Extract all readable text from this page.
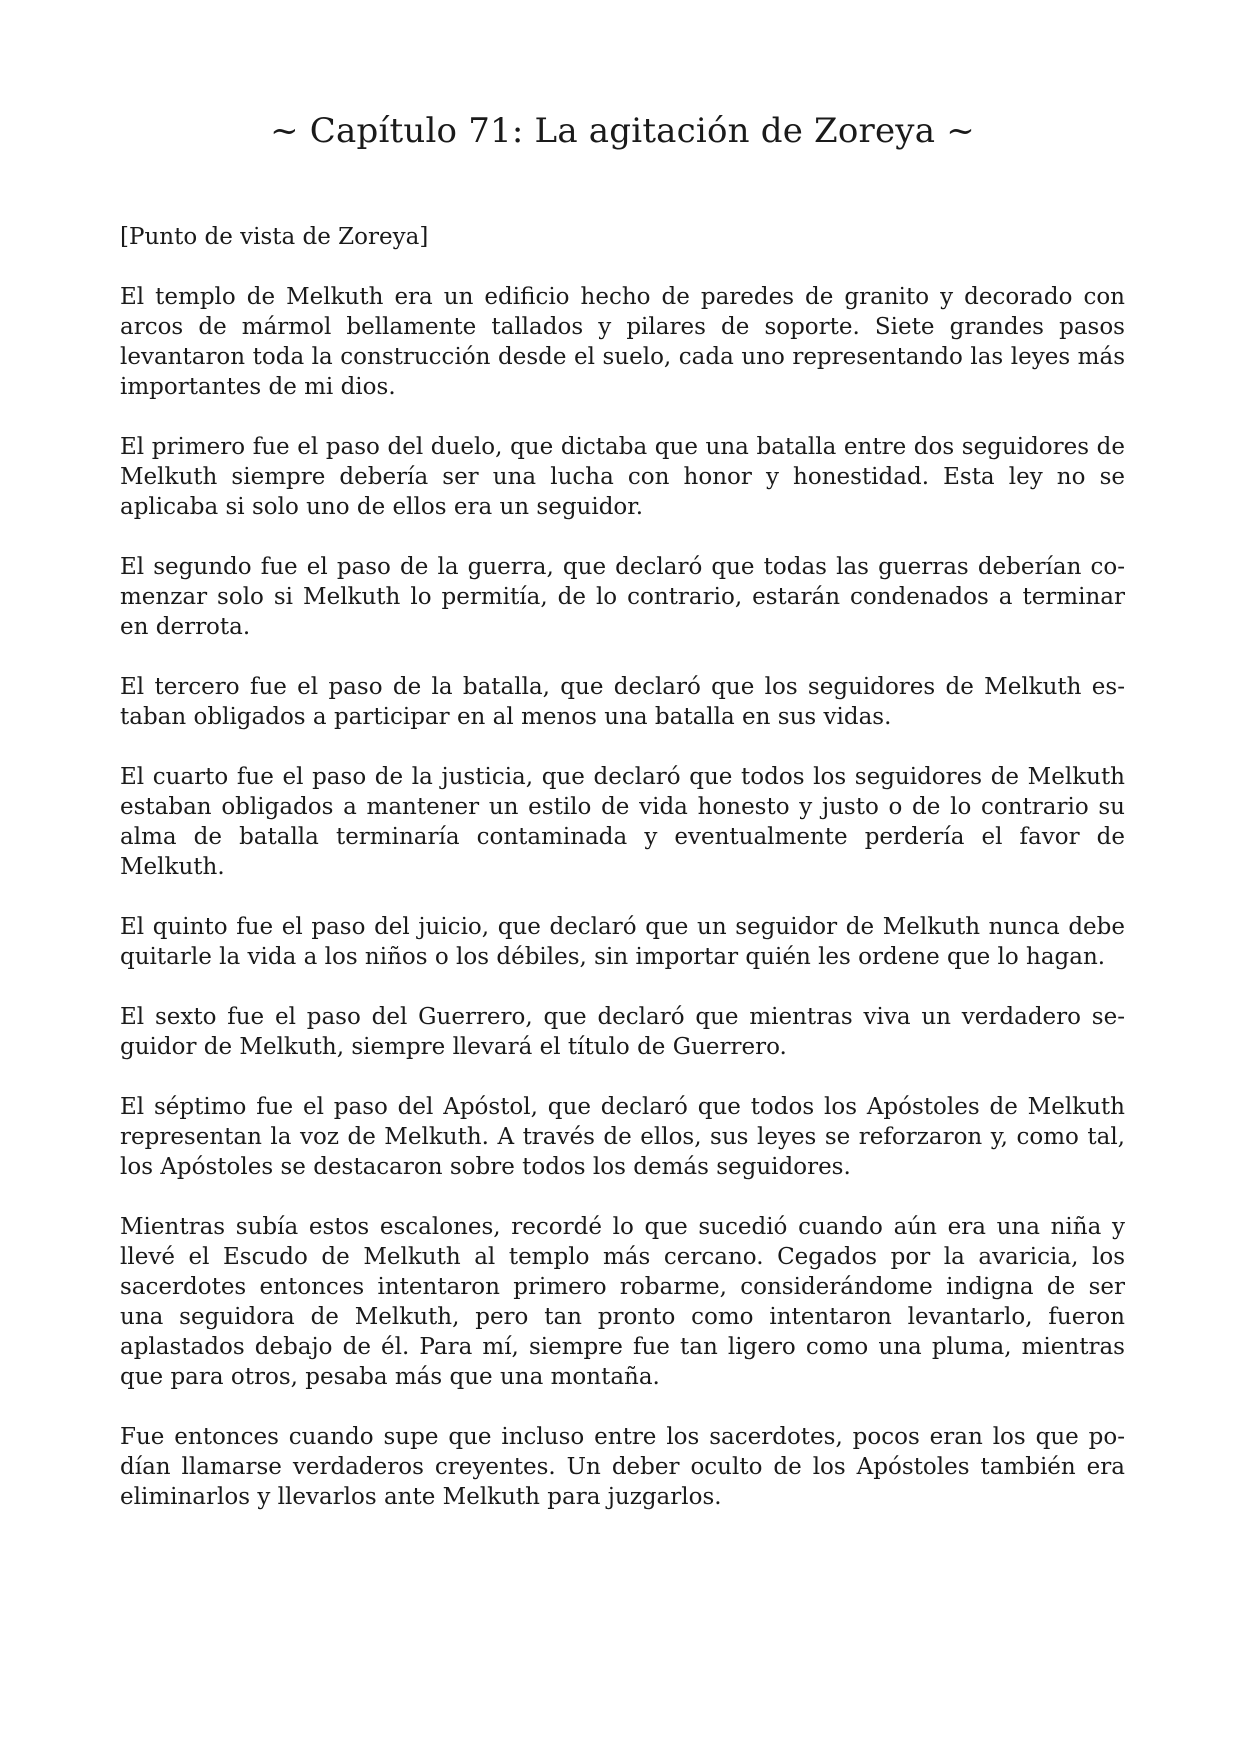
~ Capítulo 71: La agitación de Zoreya ~

[Punto de vista de Zoreya]

El templo de Melkuth era un edificio hecho de paredes de granito y decorado con arcos de mármol bellamente tallados y pilares de soporte. Siete grandes pasos levantaron toda la construcción desde el suelo, cada uno representando las leyes más importantes de mi dios.

El primero fue el paso del duelo, que dictaba que una batalla entre dos seguidores de Melkuth siempre debería ser una lucha con honor y honestidad. Esta ley no se aplicaba si solo uno de ellos era un seguidor.

El segundo fue el paso de la guerra, que declaró que todas las guerras deberían comenzar solo si Melkuth lo permitía, de lo contrario, estarán condenados a terminar en derrota.

El tercero fue el paso de la batalla, que declaró que los seguidores de Melkuth estaban obligados a participar en al menos una batalla en sus vidas.

El cuarto fue el paso de la justicia, que declaró que todos los seguidores de Melkuth estaban obligados a mantener un estilo de vida honesto y justo o de lo contrario su alma de batalla terminaría contaminada y eventualmente perdería el favor de Melkuth.

El quinto fue el paso del juicio, que declaró que un seguidor de Melkuth nunca debe quitarle la vida a los niños o los débiles, sin importar quién les ordene que lo hagan.

El sexto fue el paso del Guerrero, que declaró que mientras viva un verdadero seguidor de Melkuth, siempre llevará el título de Guerrero.

El séptimo fue el paso del Apóstol, que declaró que todos los Apóstoles de Melkuth representan la voz de Melkuth. A través de ellos, sus leyes se reforzaron y, como tal, los Apóstoles se destacaron sobre todos los demás seguidores.

Mientras subía estos escalones, recordé lo que sucedió cuando aún era una niña y llevé el Escudo de Melkuth al templo más cercano. Cegados por la avaricia, los sacerdotes entonces intentaron primero robarme, considerándome indigna de ser una seguidora de Melkuth, pero tan pronto como intentaron levantarlo, fueron aplastados debajo de él. Para mí, siempre fue tan ligero como una pluma, mientras que para otros, pesaba más que una montaña.

Fue entonces cuando supe que incluso entre los sacerdotes, pocos eran los que podían llamarse verdaderos creyentes. Un deber oculto de los Apóstoles también era eliminarlos y llevarlos ante Melkuth para juzgarlos.
